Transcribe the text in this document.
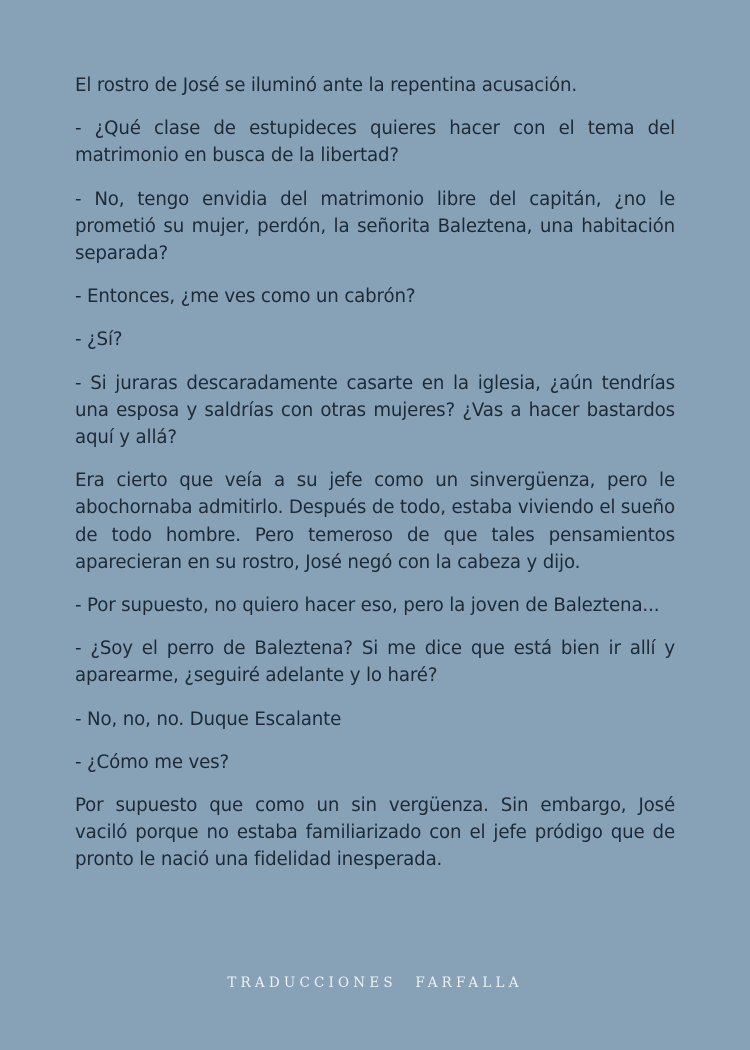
El rostro de José se iluminó ante la repentina acusación.

- ¿Qué clase de estupideces quieres hacer con el tema del matrimonio en busca de la libertad?

- No, tengo envidia del matrimonio libre del capitán, ¿no le prometió su mujer, perdón, la señorita Baleztena, una habitación separada?

- Entonces, ¿me ves como un cabrón?

- ¿Sí?

- Si juraras descaradamente casarte en la iglesia, ¿aún tendrías una esposa y saldrías con otras mujeres? ¿Vas a hacer bastardos aquí y allá?

Era cierto que veía a su jefe como un sinvergüenza, pero le abochornaba admitirlo. Después de todo, estaba viviendo el sueño de todo hombre. Pero temeroso de que tales pensamientos aparecieran en su rostro, José negó con la cabeza y dijo.

- Por supuesto, no quiero hacer eso, pero la joven de Baleztena...

- ¿Soy el perro de Baleztena? Si me dice que está bien ir allí y aparearme, ¿seguiré adelante y lo haré?

- No, no, no. Duque Escalante

- ¿Cómo me ves?

Por supuesto que como un sin vergüenza. Sin embargo, José vaciló porque no estaba familiarizado con el jefe pródigo que de pronto le nació una fidelidad inesperada.

TRADUCCIONES FARFALLA
